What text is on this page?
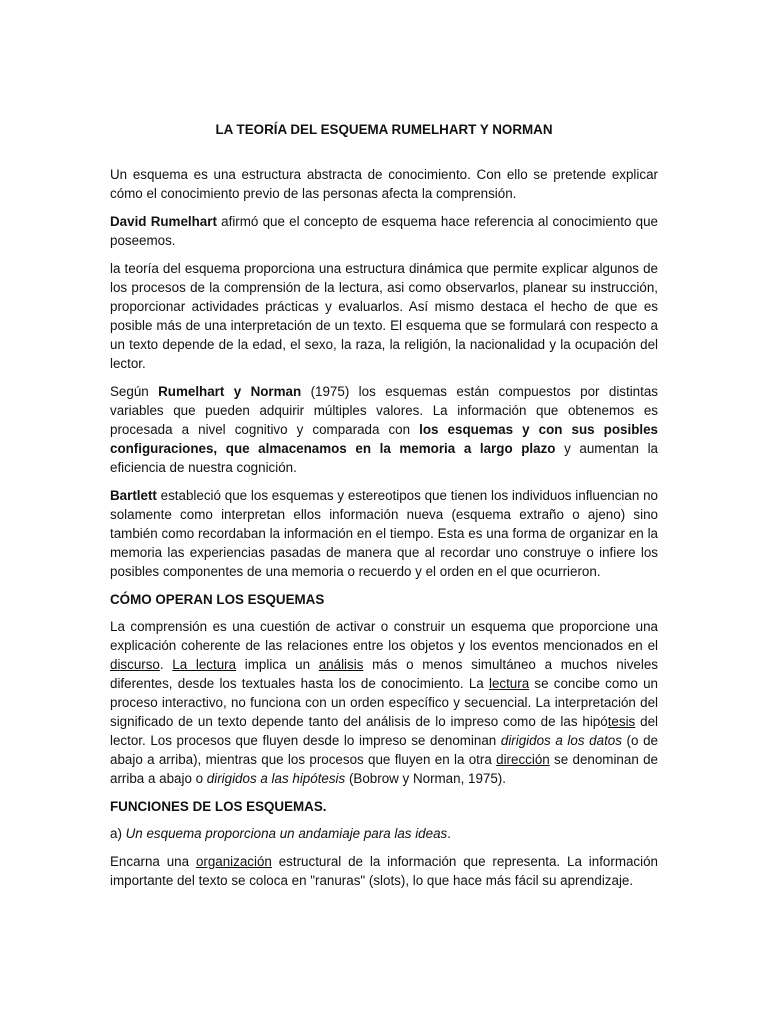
LA TEORÍA DEL ESQUEMA RUMELHART Y NORMAN

Un esquema es una estructura abstracta de conocimiento. Con ello se pretende explicar cómo el conocimiento previo de las personas afecta la comprensión.

David Rumelhart afirmó que el concepto de esquema hace referencia al conocimiento que poseemos.

la teoría del esquema proporciona una estructura dinámica que permite explicar algunos de los procesos de la comprensión de la lectura, asi como observarlos, planear su instrucción, proporcionar actividades prácticas y evaluarlos. Así mismo destaca el hecho de que es posible más de una interpretación de un texto. El esquema que se formulará con respecto a un texto depende de la edad, el sexo, la raza, la religión, la nacionalidad y la ocupación del lector.

Según Rumelhart y Norman (1975) los esquemas están compuestos por distintas variables que pueden adquirir múltiples valores. La información que obtenemos es procesada a nivel cognitivo y comparada con los esquemas y con sus posibles configuraciones, que almacenamos en la memoria a largo plazo y aumentan la eficiencia de nuestra cognición.

Bartlett estableció que los esquemas y estereotipos que tienen los individuos influencian no solamente como interpretan ellos información nueva (esquema extraño o ajeno) sino también como recordaban la información en el tiempo. Esta es una forma de organizar en la memoria las experiencias pasadas de manera que al recordar uno construye o infiere los posibles componentes de una memoria o recuerdo y el orden en el que ocurrieron.

CÓMO OPERAN LOS ESQUEMAS

La comprensión es una cuestión de activar o construir un esquema que proporcione una explicación coherente de las relaciones entre los objetos y los eventos mencionados en el discurso. La lectura implica un análisis más o menos simultáneo a muchos niveles diferentes, desde los textuales hasta los de conocimiento. La lectura se concibe como un proceso interactivo, no funciona con un orden específico y secuencial. La interpretación del significado de un texto depende tanto del análisis de lo impreso como de las hipótesis del lector. Los procesos que fluyen desde lo impreso se denominan dirigidos a los datos (o de abajo a arriba), mientras que los procesos que fluyen en la otra dirección se denominan de arriba a abajo o dirigidos a las hipótesis (Bobrow y Norman, 1975).

FUNCIONES DE LOS ESQUEMAS.

a) Un esquema proporciona un andamiaje para las ideas.

Encarna una organización estructural de la información que representa. La información importante del texto se coloca en "ranuras" (slots), lo que hace más fácil su aprendizaje.
